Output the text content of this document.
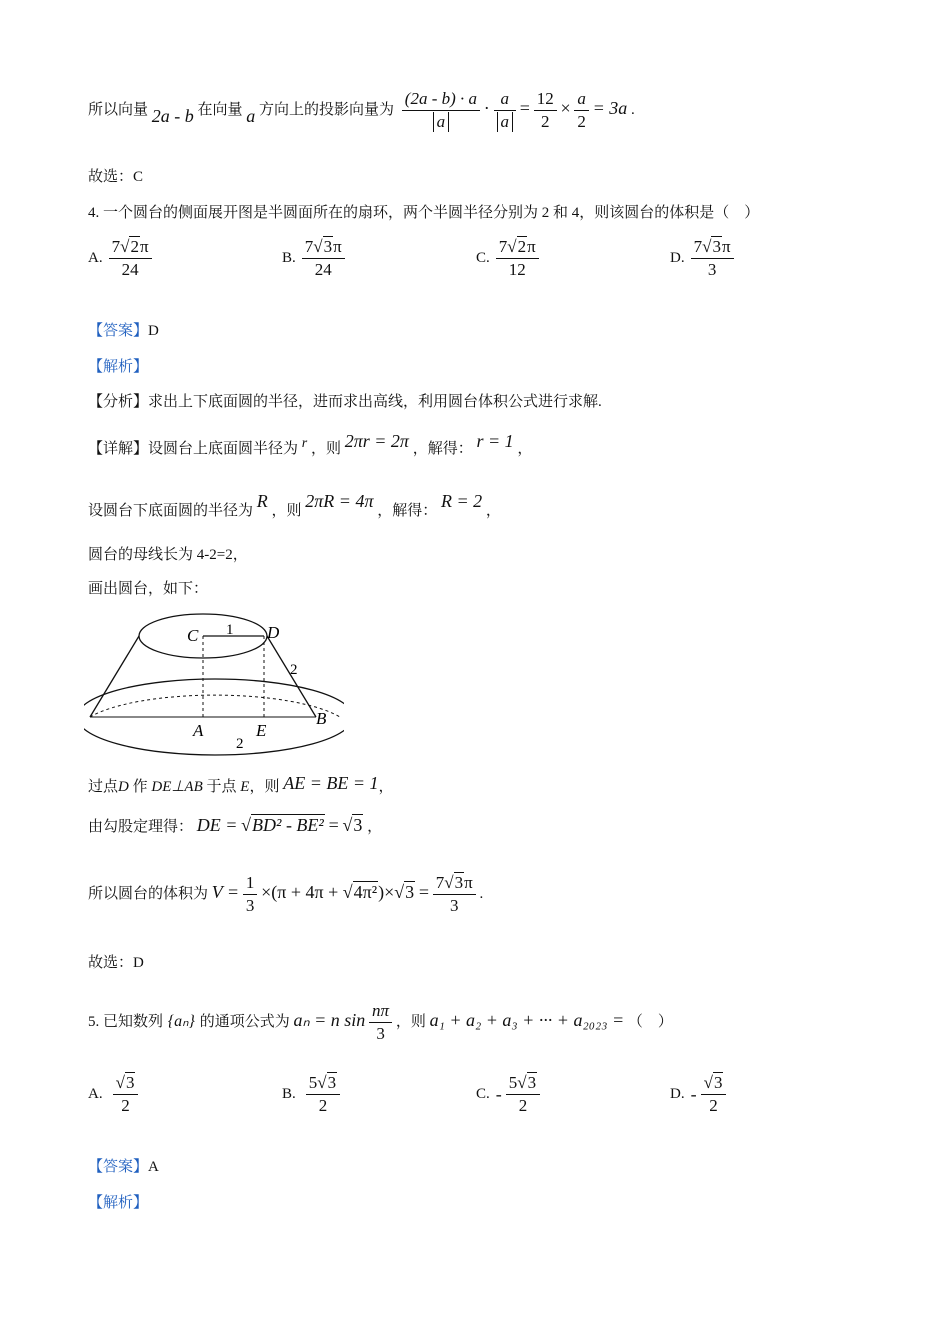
所以向量 2a - b 在向量 a 方向上的投影向量为 $\frac{(2a - b) \cdot a}{a} \cdot \frac{a}{a} = \frac{12}{2} \times \frac{a}{2} = 3a$ .
故选：C
4. 一个圆台的侧面展开图是半圆面所在的扇环，两个半圆半径分别为 2 和 4，则该圆台的体积是（　）
A. $\frac{7√2\pi}{24}$	B. $\frac{7√3\pi}{24}$	C. $\frac{7√2\pi}{12}$	D. $\frac{7√3\pi}{3}$
【答案】D
【解析】
【分析】求出上下底面圆的半径，进而求出高线，利用圆台体积公式进行求解.
【详解】设圆台上底面圆半径为 r ，则 2πr = 2π ，解得： r = 1 ，
设圆台下底面圆的半径为 R ，则 2πR = 4π ，解得： R = 2 ，
圆台的母线长为 4-2=2，
画出圆台，如下：
C	D
1
2
A	E
B
2
过点D 作 DE⊥AB 于点 E，则 AE = BE = 1，
由勾股定理得： DE = √BD² - BE² = √3 ，
所以圆台的体积为 $V = \frac{1}{3} \times(\pi + 4\pi + √4\pi^2)\times√3 = \frac{7√3\pi}{3}$ .
故选：D
5. 已知数列 {aₙ} 的通项公式为 aₙ = n $\sin \frac{n\pi}{3}$ ，则 a₁ + a₂ + a₃ + ··· + a₂₀₂₃ = （　）
A. $\frac{√3}{2}$	B. $\frac{5√3}{2}$	C. - $\frac{5√3}{2}$	D. - $\frac{√3}{2}$
【答案】A
【解析】
